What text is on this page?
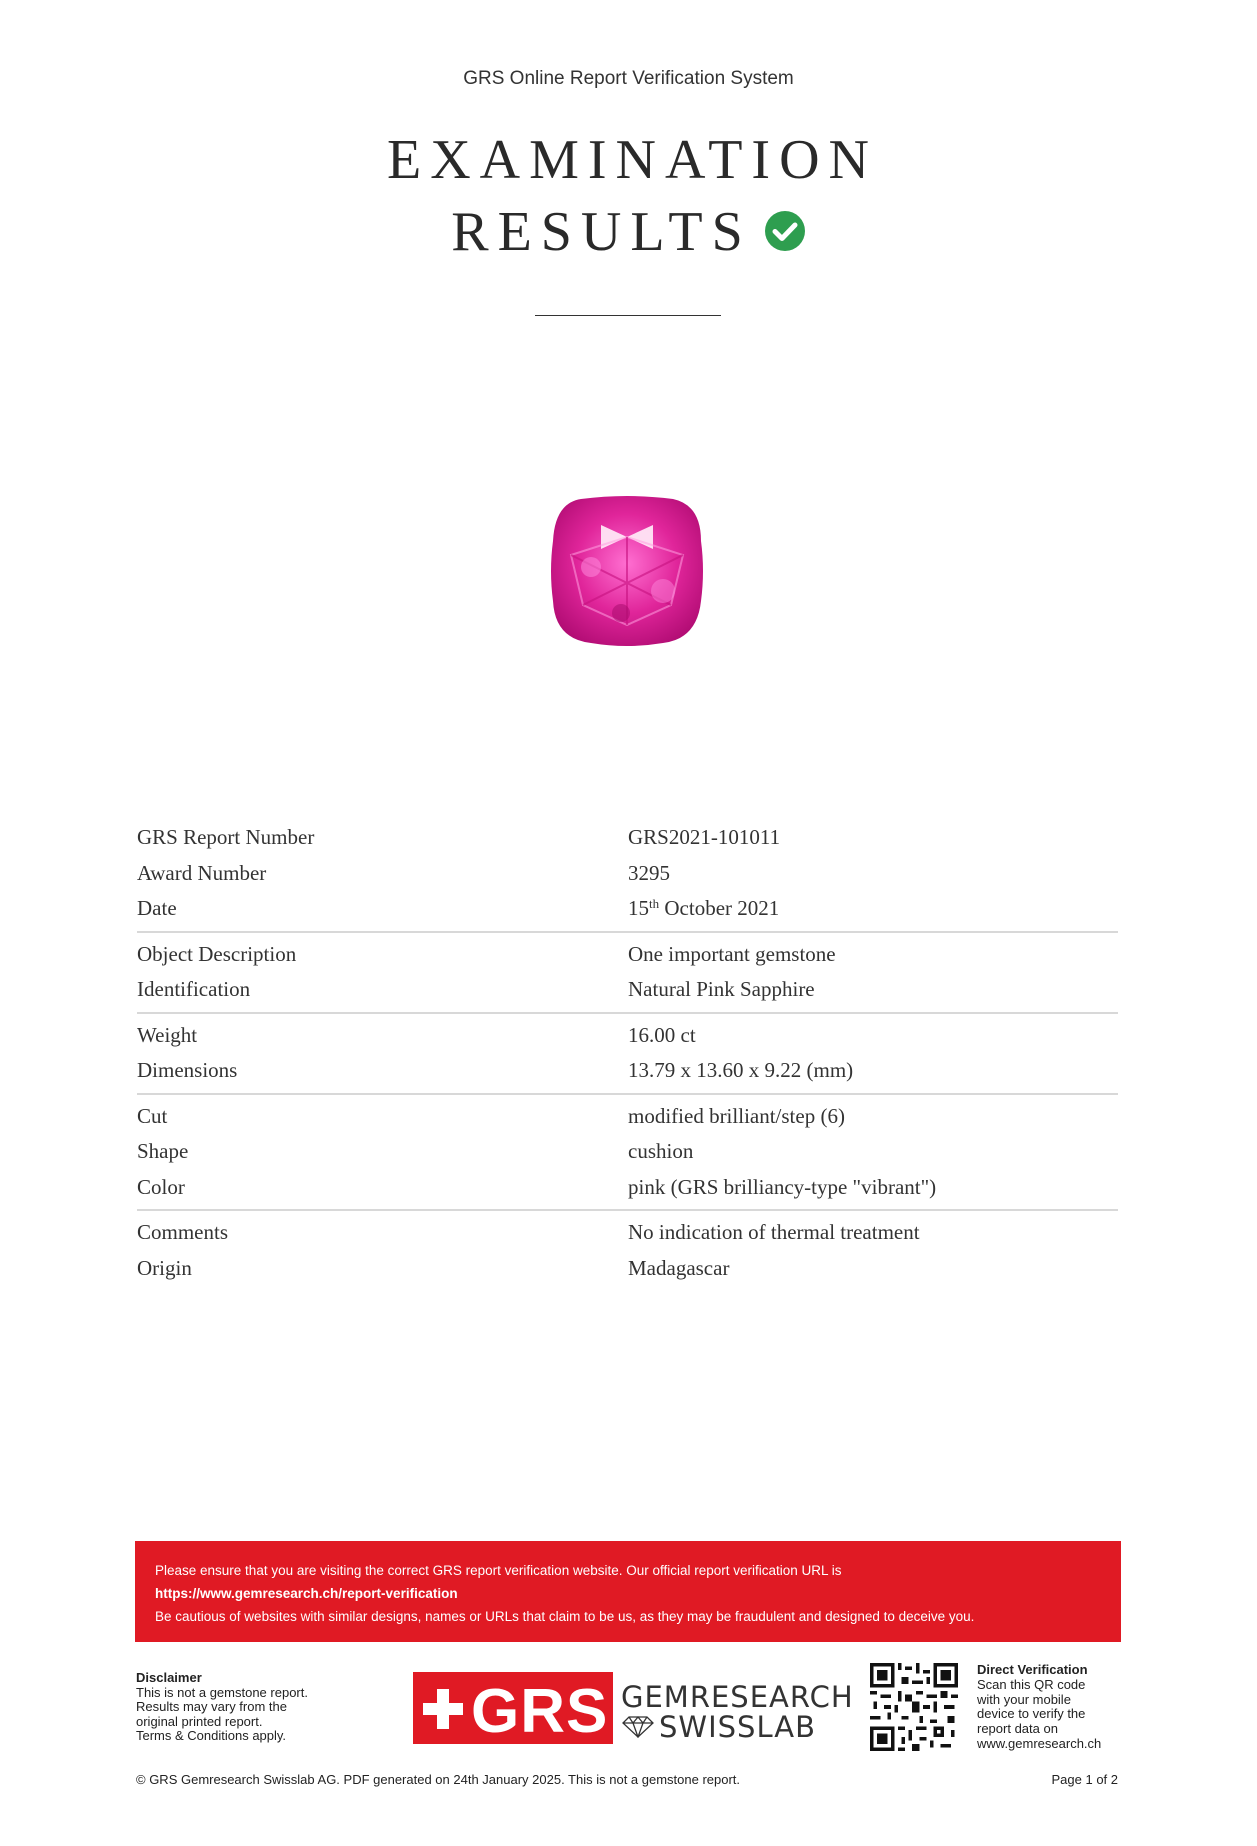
GRS Online Report Verification System
EXAMINATION
RESULTS
GRS Report Number	GRS2021-101011
Award Number	3295
Date	15th October 2021
Object Description	One important gemstone
Identification	Natural Pink Sapphire
Weight	16.00 ct
Dimensions	13.79 x 13.60 x 9.22 (mm)
Cut	modified brilliant/step (6)
Shape	cushion
Color	pink (GRS brilliancy-type "vibrant")
Comments	No indication of thermal treatment
Origin	Madagascar
Please ensure that you are visiting the correct GRS report verification website. Our official report verification URL is
https://www.gemresearch.ch/report-verification
Be cautious of websites with similar designs, names or URLs that claim to be us, as they may be fraudulent and designed to deceive you.
Disclaimer
This is not a gemstone report.
Results may vary from the
original printed report.
Terms & Conditions apply.	GRS GEMRESEARCH
SWISSLAB
Direct Verification
Scan this QR code
with your mobile
device to verify the
report data on
www.gemresearch.ch
© GRS Gemresearch Swisslab AG. PDF generated on 24th January 2025. This is not a gemstone report.	Page 1 of 2
